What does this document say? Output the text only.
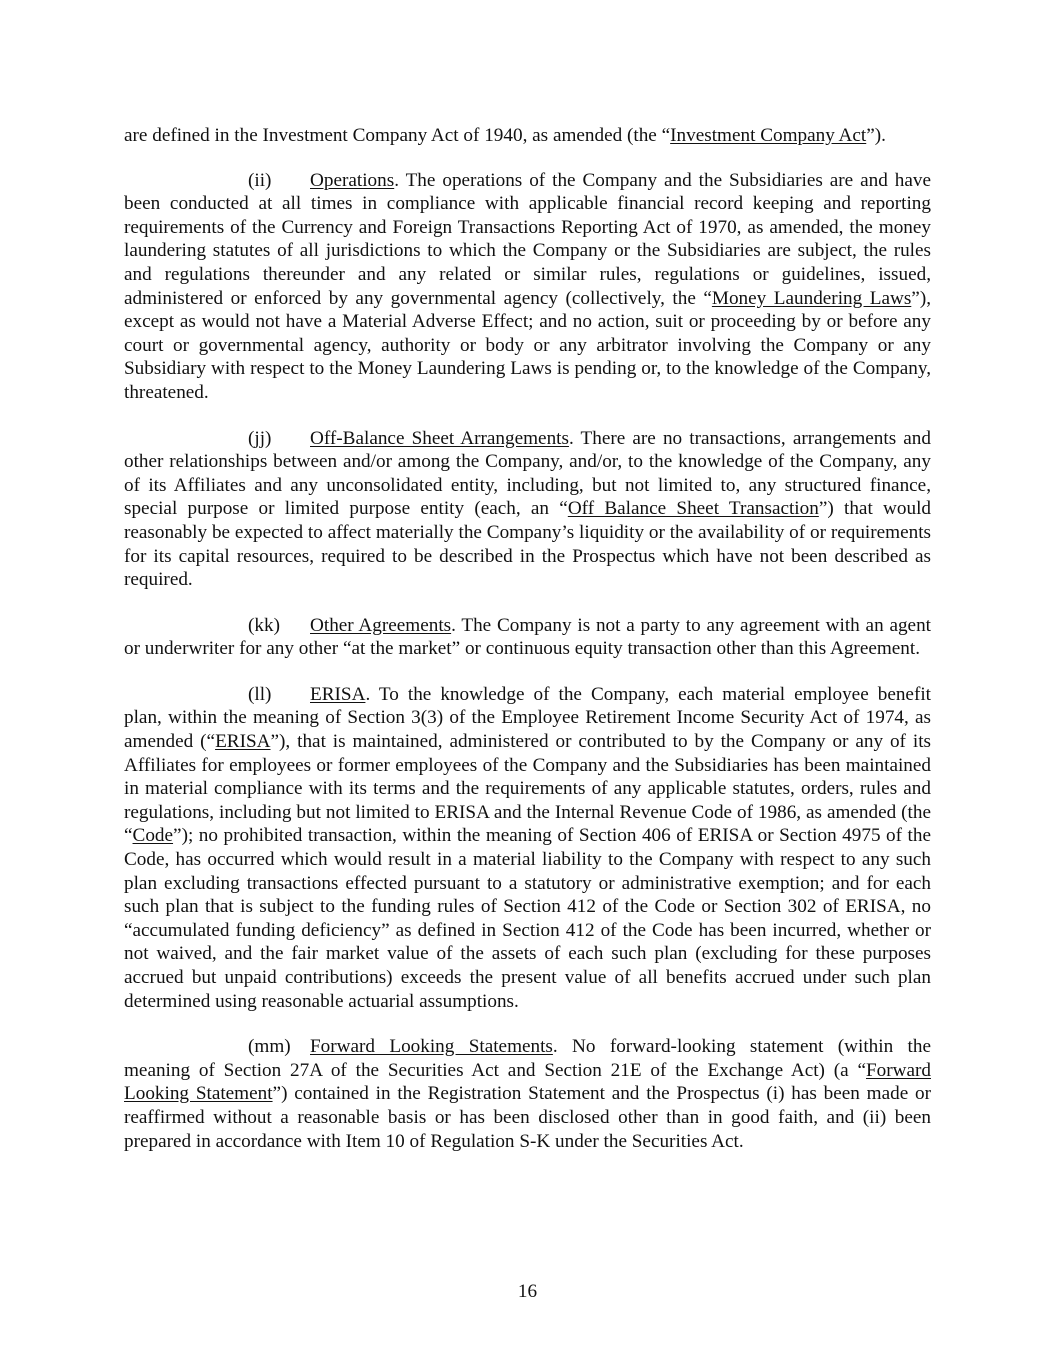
are defined in the Investment Company Act of 1940, as amended (the “Investment Company Act”).

(ii) Operations. The operations of the Company and the Subsidiaries are and have been conducted at all times in compliance with applicable financial record keeping and reporting requirements of the Currency and Foreign Transactions Reporting Act of 1970, as amended, the money laundering statutes of all jurisdictions to which the Company or the Subsidiaries are subject, the rules and regulations thereunder and any related or similar rules, regulations or guidelines, issued, administered or enforced by any governmental agency (collectively, the “Money Laundering Laws”), except as would not have a Material Adverse Effect; and no action, suit or proceeding by or before any court or governmental agency, authority or body or any arbitrator involving the Company or any Subsidiary with respect to the Money Laundering Laws is pending or, to the knowledge of the Company, threatened.

(jj) Off-Balance Sheet Arrangements. There are no transactions, arrangements and other relationships between and/or among the Company, and/or, to the knowledge of the Company, any of its Affiliates and any unconsolidated entity, including, but not limited to, any structured finance, special purpose or limited purpose entity (each, an “Off Balance Sheet Transaction”) that would reasonably be expected to affect materially the Company’s liquidity or the availability of or requirements for its capital resources, required to be described in the Prospectus which have not been described as required.

(kk) Other Agreements. The Company is not a party to any agreement with an agent or underwriter for any other “at the market” or continuous equity transaction other than this Agreement.

(ll) ERISA. To the knowledge of the Company, each material employee benefit plan, within the meaning of Section 3(3) of the Employee Retirement Income Security Act of 1974, as amended (“ERISA”), that is maintained, administered or contributed to by the Company or any of its Affiliates for employees or former employees of the Company and the Subsidiaries has been maintained in material compliance with its terms and the requirements of any applicable statutes, orders, rules and regulations, including but not limited to ERISA and the Internal Revenue Code of 1986, as amended (the “Code”); no prohibited transaction, within the meaning of Section 406 of ERISA or Section 4975 of the Code, has occurred which would result in a material liability to the Company with respect to any such plan excluding transactions effected pursuant to a statutory or administrative exemption; and for each such plan that is subject to the funding rules of Section 412 of the Code or Section 302 of ERISA, no “accumulated funding deficiency” as defined in Section 412 of the Code has been incurred, whether or not waived, and the fair market value of the assets of each such plan (excluding for these purposes accrued but unpaid contributions) exceeds the present value of all benefits accrued under such plan determined using reasonable actuarial assumptions.

(mm) Forward Looking Statements. No forward-looking statement (within the meaning of Section 27A of the Securities Act and Section 21E of the Exchange Act) (a “Forward Looking Statement”) contained in the Registration Statement and the Prospectus (i) has been made or reaffirmed without a reasonable basis or has been disclosed other than in good faith, and (ii) been prepared in accordance with Item 10 of Regulation S-K under the Securities Act.

16
